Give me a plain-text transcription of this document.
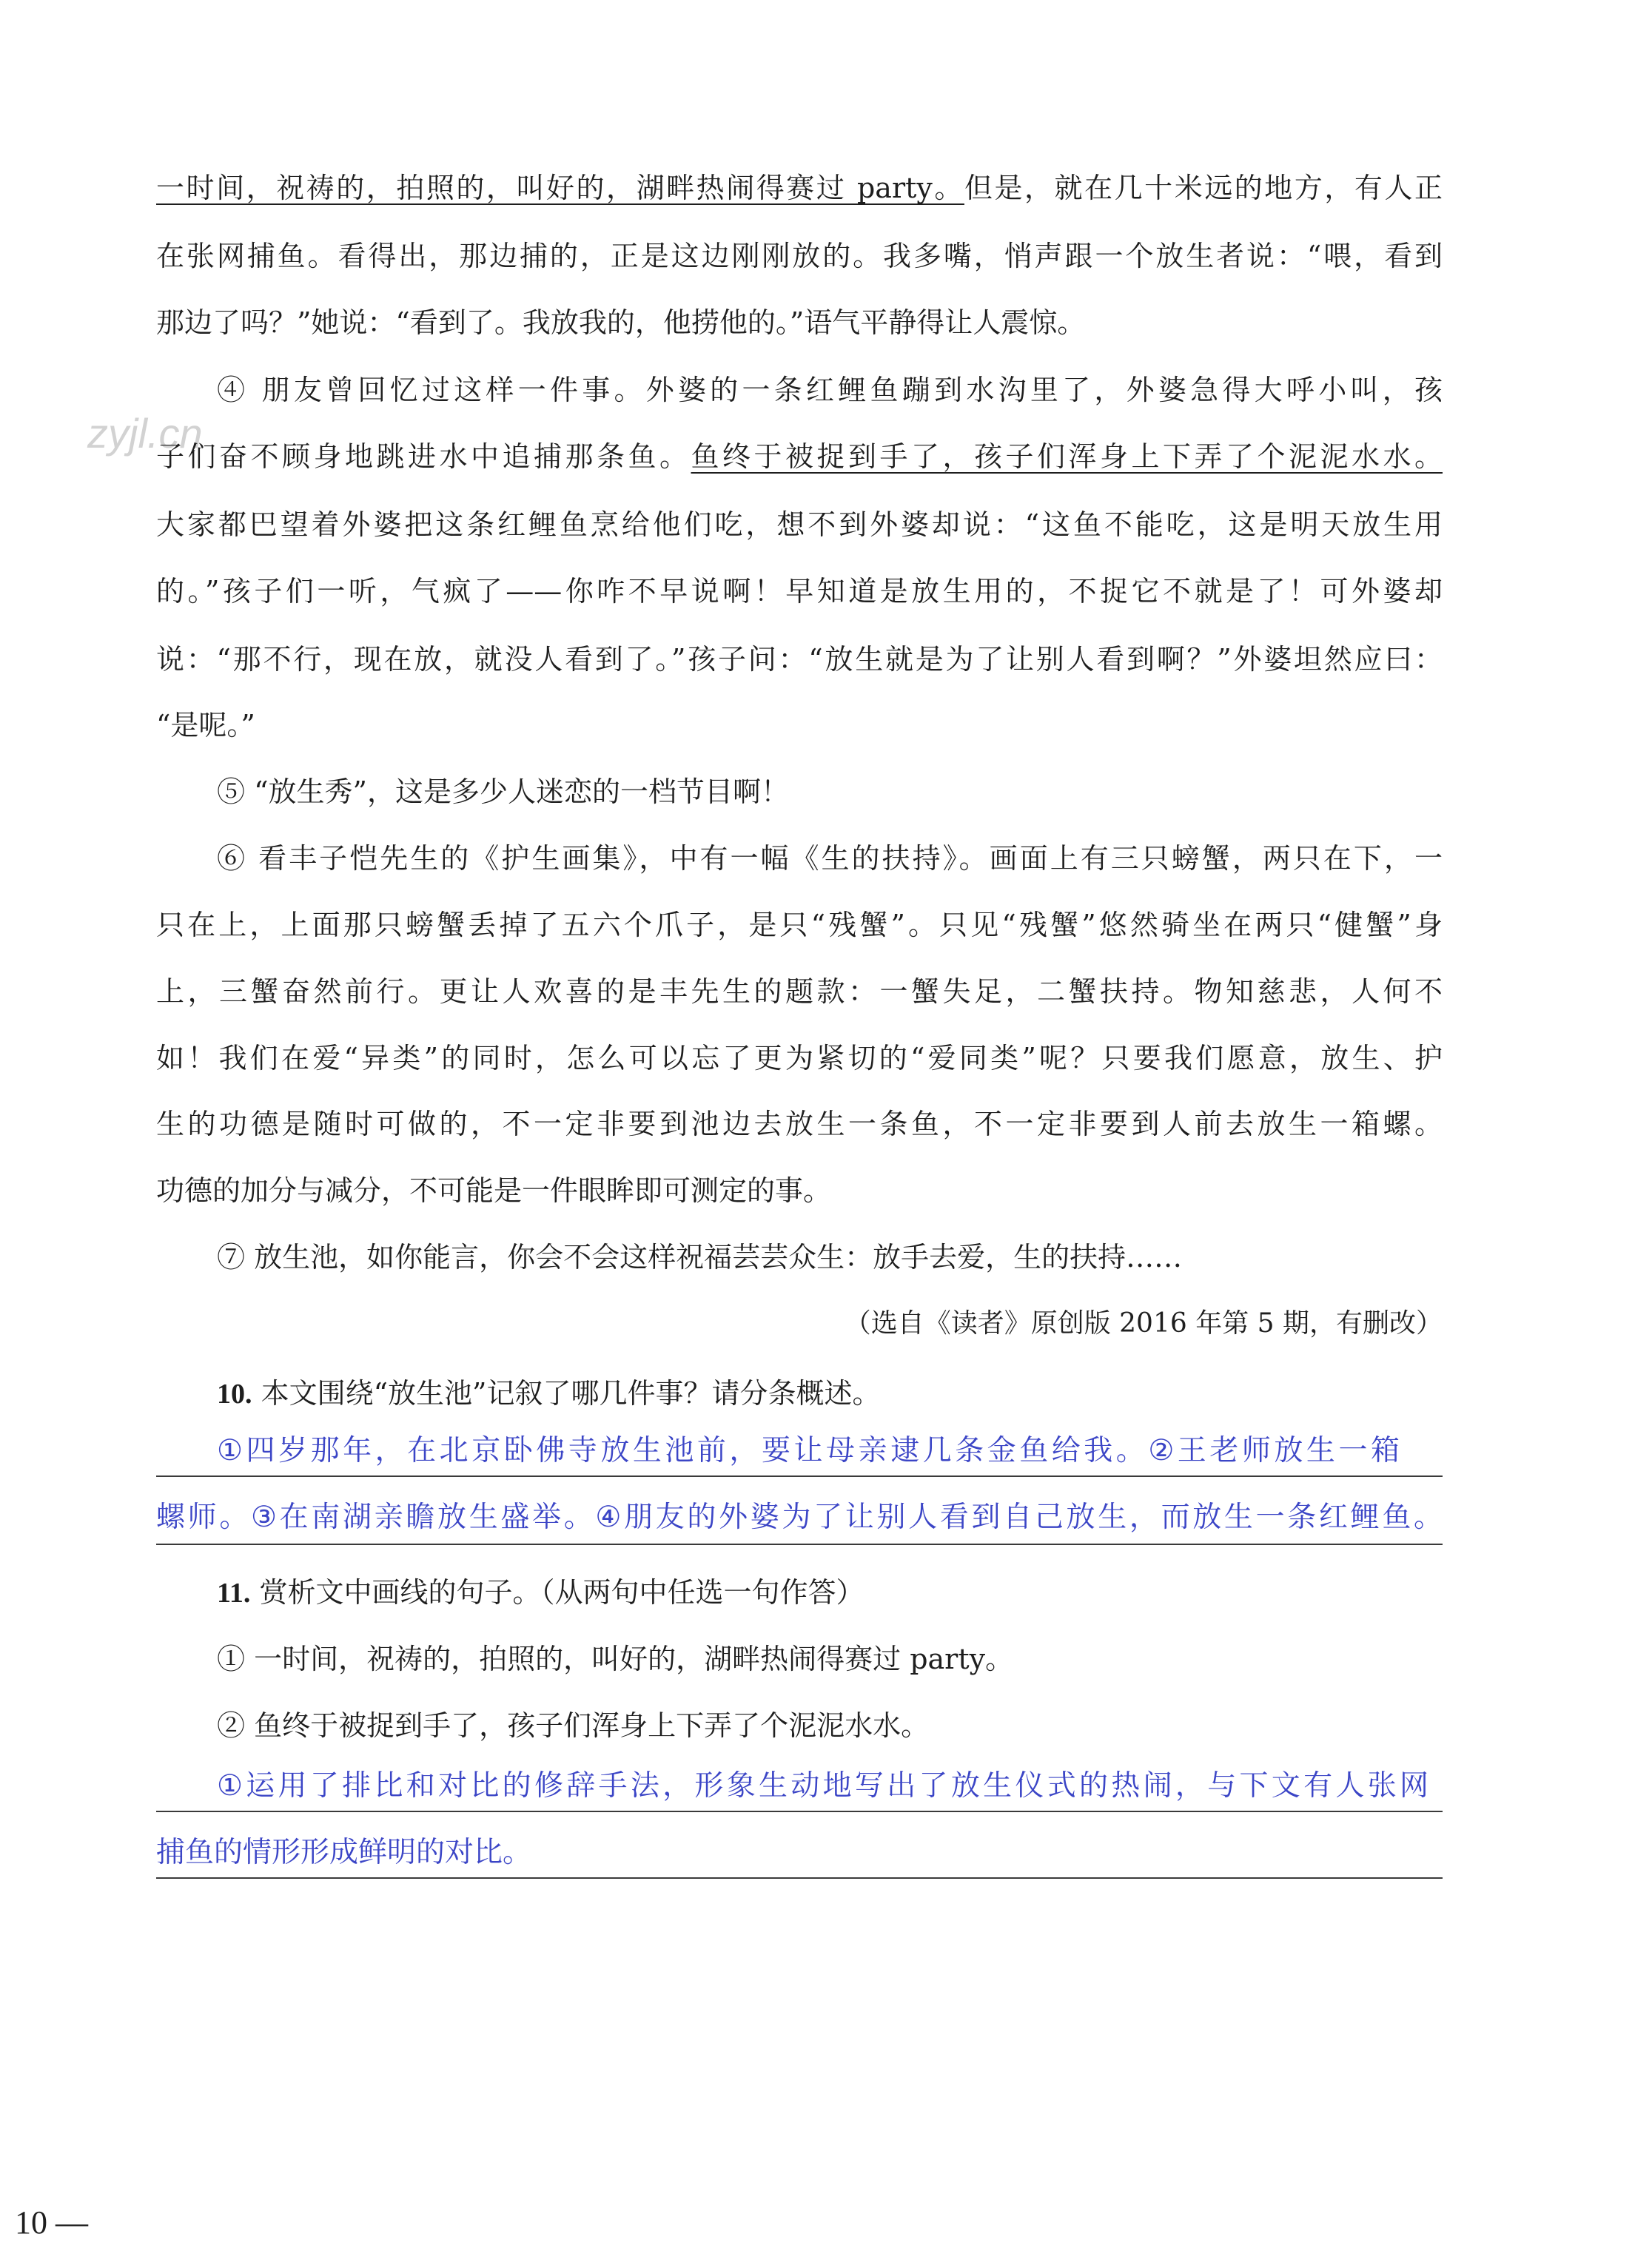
zyjl.cn
一时间，祝祷的，拍照的，叫好的，湖畔热闹得赛过 party。但是，就在几十米远的地方，有人正
在张网捕鱼。看得出，那边捕的，正是这边刚刚放的。我多嘴，悄声跟一个放生者说：“喂，看到
那边了吗？”她说：“看到了。我放我的，他捞他的。”语气平静得让人震惊。
④ 朋友曾回忆过这样一件事。外婆的一条红鲤鱼蹦到水沟里了，外婆急得大呼小叫，孩
子们奋不顾身地跳进水中追捕那条鱼。鱼终于被捉到手了，孩子们浑身上下弄了个泥泥水水。
大家都巴望着外婆把这条红鲤鱼烹给他们吃，想不到外婆却说：“这鱼不能吃，这是明天放生用
的。”孩子们一听，气疯了——你咋不早说啊！早知道是放生用的，不捉它不就是了！可外婆却
说：“那不行，现在放，就没人看到了。”孩子问：“放生就是为了让别人看到啊？”外婆坦然应曰：
“是呢。”
⑤ “放生秀”，这是多少人迷恋的一档节目啊！
⑥ 看丰子恺先生的《护生画集》，中有一幅《生的扶持》。画面上有三只螃蟹，两只在下，一
只在上，上面那只螃蟹丢掉了五六个爪子，是只“残蟹”。只见“残蟹”悠然骑坐在两只“健蟹”身
上，三蟹奋然前行。更让人欢喜的是丰先生的题款：一蟹失足，二蟹扶持。物知慈悲，人何不
如！我们在爱“异类”的同时，怎么可以忘了更为紧切的“爱同类”呢？只要我们愿意，放生、护
生的功德是随时可做的，不一定非要到池边去放生一条鱼，不一定非要到人前去放生一箱螺。
功德的加分与减分，不可能是一件眼眸即可测定的事。
⑦ 放生池，如你能言，你会不会这样祝福芸芸众生：放手去爱，生的扶持……
（选自《读者》原创版 2016 年第 5 期，有删改）
10. 本文围绕“放生池”记叙了哪几件事？请分条概述。
①四岁那年，在北京卧佛寺放生池前，要让母亲逮几条金鱼给我。②王老师放生一箱
螺师。③在南湖亲瞻放生盛举。④朋友的外婆为了让别人看到自己放生，而放生一条红鲤鱼。
11. 赏析文中画线的句子。（从两句中任选一句作答）
① 一时间，祝祷的，拍照的，叫好的，湖畔热闹得赛过 party。
② 鱼终于被捉到手了，孩子们浑身上下弄了个泥泥水水。
①运用了排比和对比的修辞手法，形象生动地写出了放生仪式的热闹，与下文有人张网
捕鱼的情形形成鲜明的对比。
10 —
